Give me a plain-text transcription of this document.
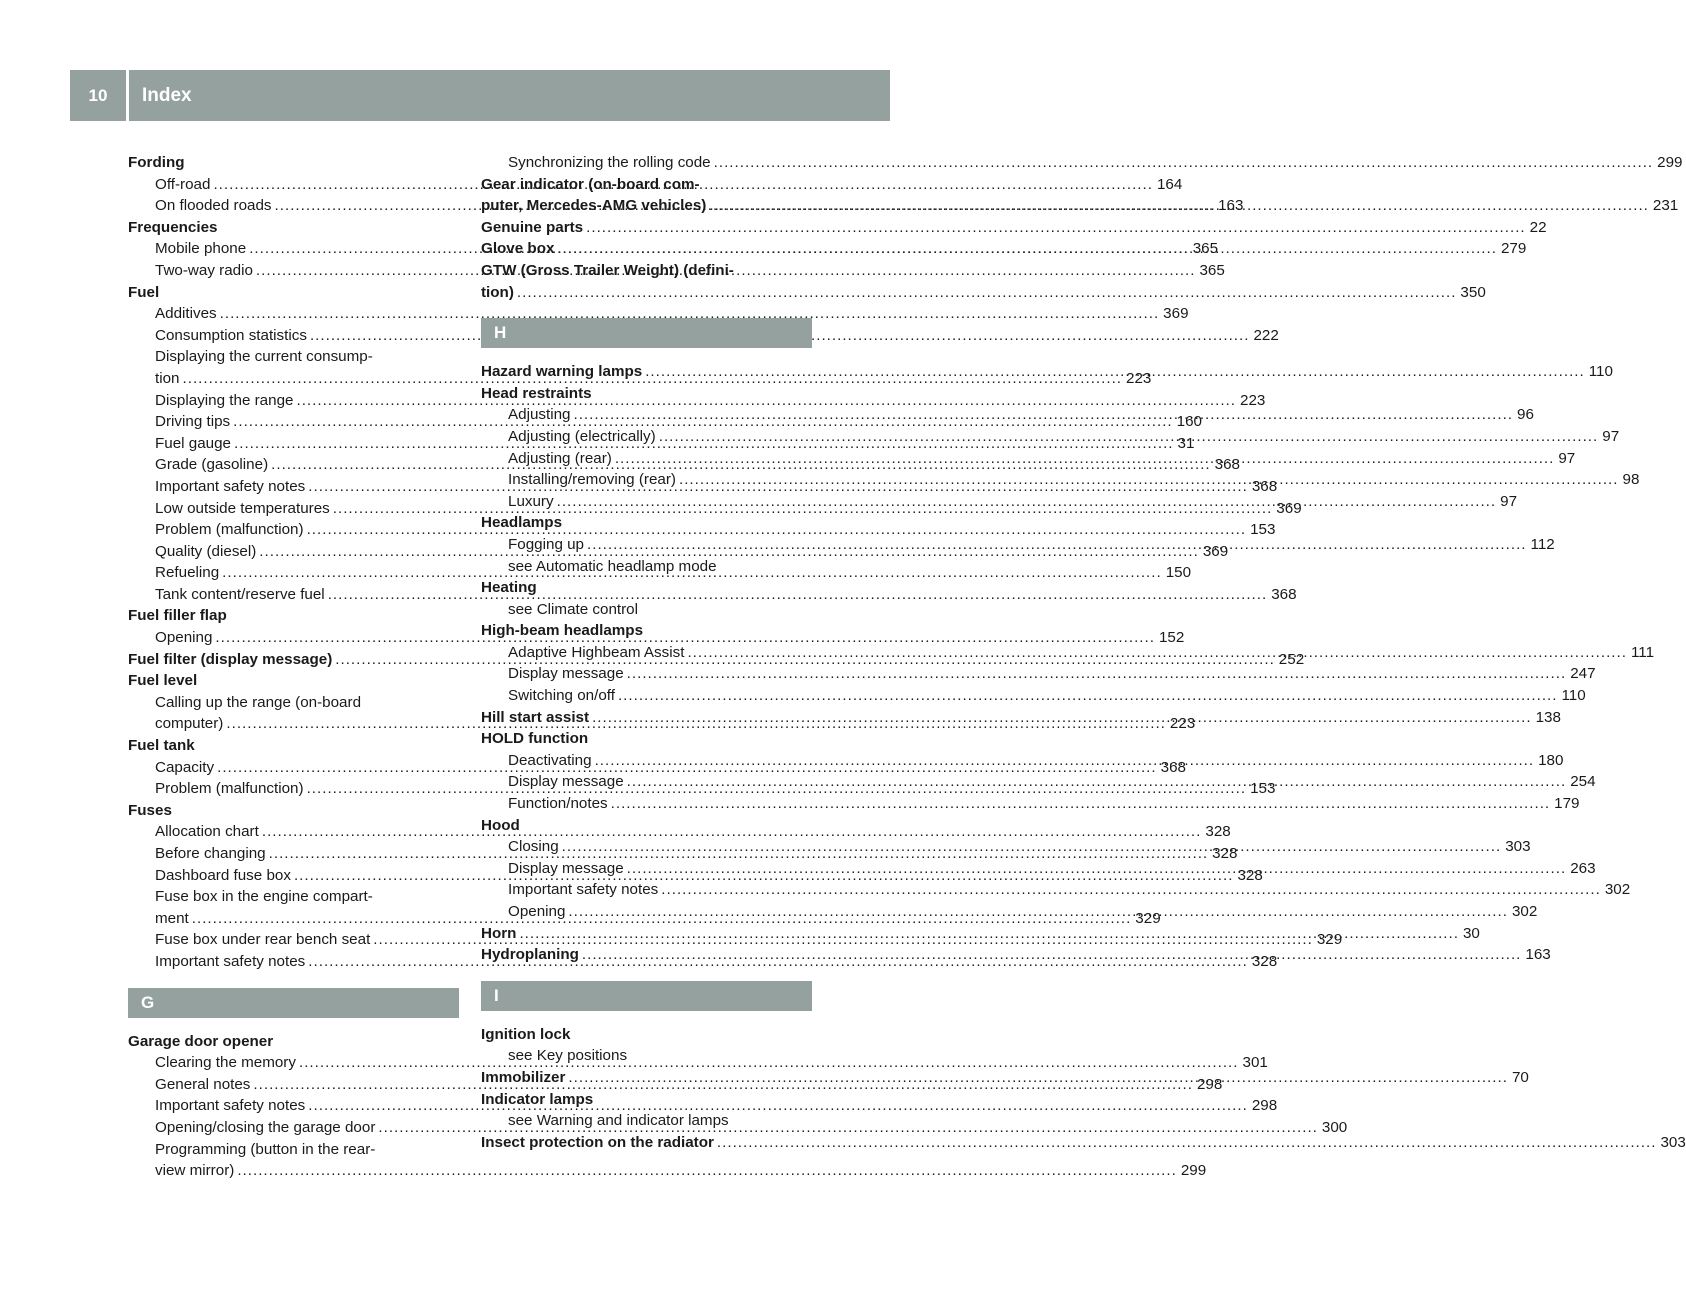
10	Index
Fording
Off-road .....	164
On flooded roads .....	163
Frequencies
Mobile phone .....	365
Two-way radio .....	365
Fuel
Additives .....	369
Consumption statistics .....	222
Displaying the current consump-
tion .....	223
Displaying the range .....	223
Driving tips .....	160
Fuel gauge .....	31
Grade (gasoline) .....	368
Important safety notes .....	368
Low outside temperatures .....	369
Problem (malfunction) .....	153
Quality (diesel) .....	369
Refueling .....	150
Tank content/reserve fuel .....	368
Fuel filler flap
Opening .....	152
Fuel filter (display message) .....	252
Fuel level
Calling up the range (on-board
computer) .....	223
Fuel tank
Capacity .....	368
Problem (malfunction) .....	153
Fuses
Allocation chart .....	328
Before changing .....	328
Dashboard fuse box .....	328
Fuse box in the engine compart-
ment .....	329
Fuse box under rear bench seat .....	329
Important safety notes .....	328
G
Garage door opener
Clearing the memory .....	301
General notes .....	298
Important safety notes .....	298
Opening/closing the garage door .....	300
Programming (button in the rear-
view mirror) .....	299
Synchronizing the rolling code .....	299
Gear indicator (on-board com-
puter, Mercedes-AMG vehicles) .....	231
Genuine parts .....	22
Glove box .....	279
GTW (Gross Trailer Weight) (defini-
tion) .....	350
H
Hazard warning lamps .....	110
Head restraints
Adjusting .....	96
Adjusting (electrically) .....	97
Adjusting (rear) .....	97
Installing/removing (rear) .....	98
Luxury .....	97
Headlamps
Fogging up .....	112
see Automatic headlamp mode
Heating
see Climate control
High-beam headlamps
Adaptive Highbeam Assist .....	111
Display message .....	247
Switching on/off .....	110
Hill start assist .....	138
HOLD function
Deactivating .....	180
Display message .....	254
Function/notes .....	179
Hood
Closing .....	303
Display message .....	263
Important safety notes .....	302
Opening .....	302
Horn .....	30
Hydroplaning .....	163
I
Ignition lock
see Key positions
Immobilizer .....	70
Indicator lamps
see Warning and indicator lamps
Insect protection on the radiator .....	303
